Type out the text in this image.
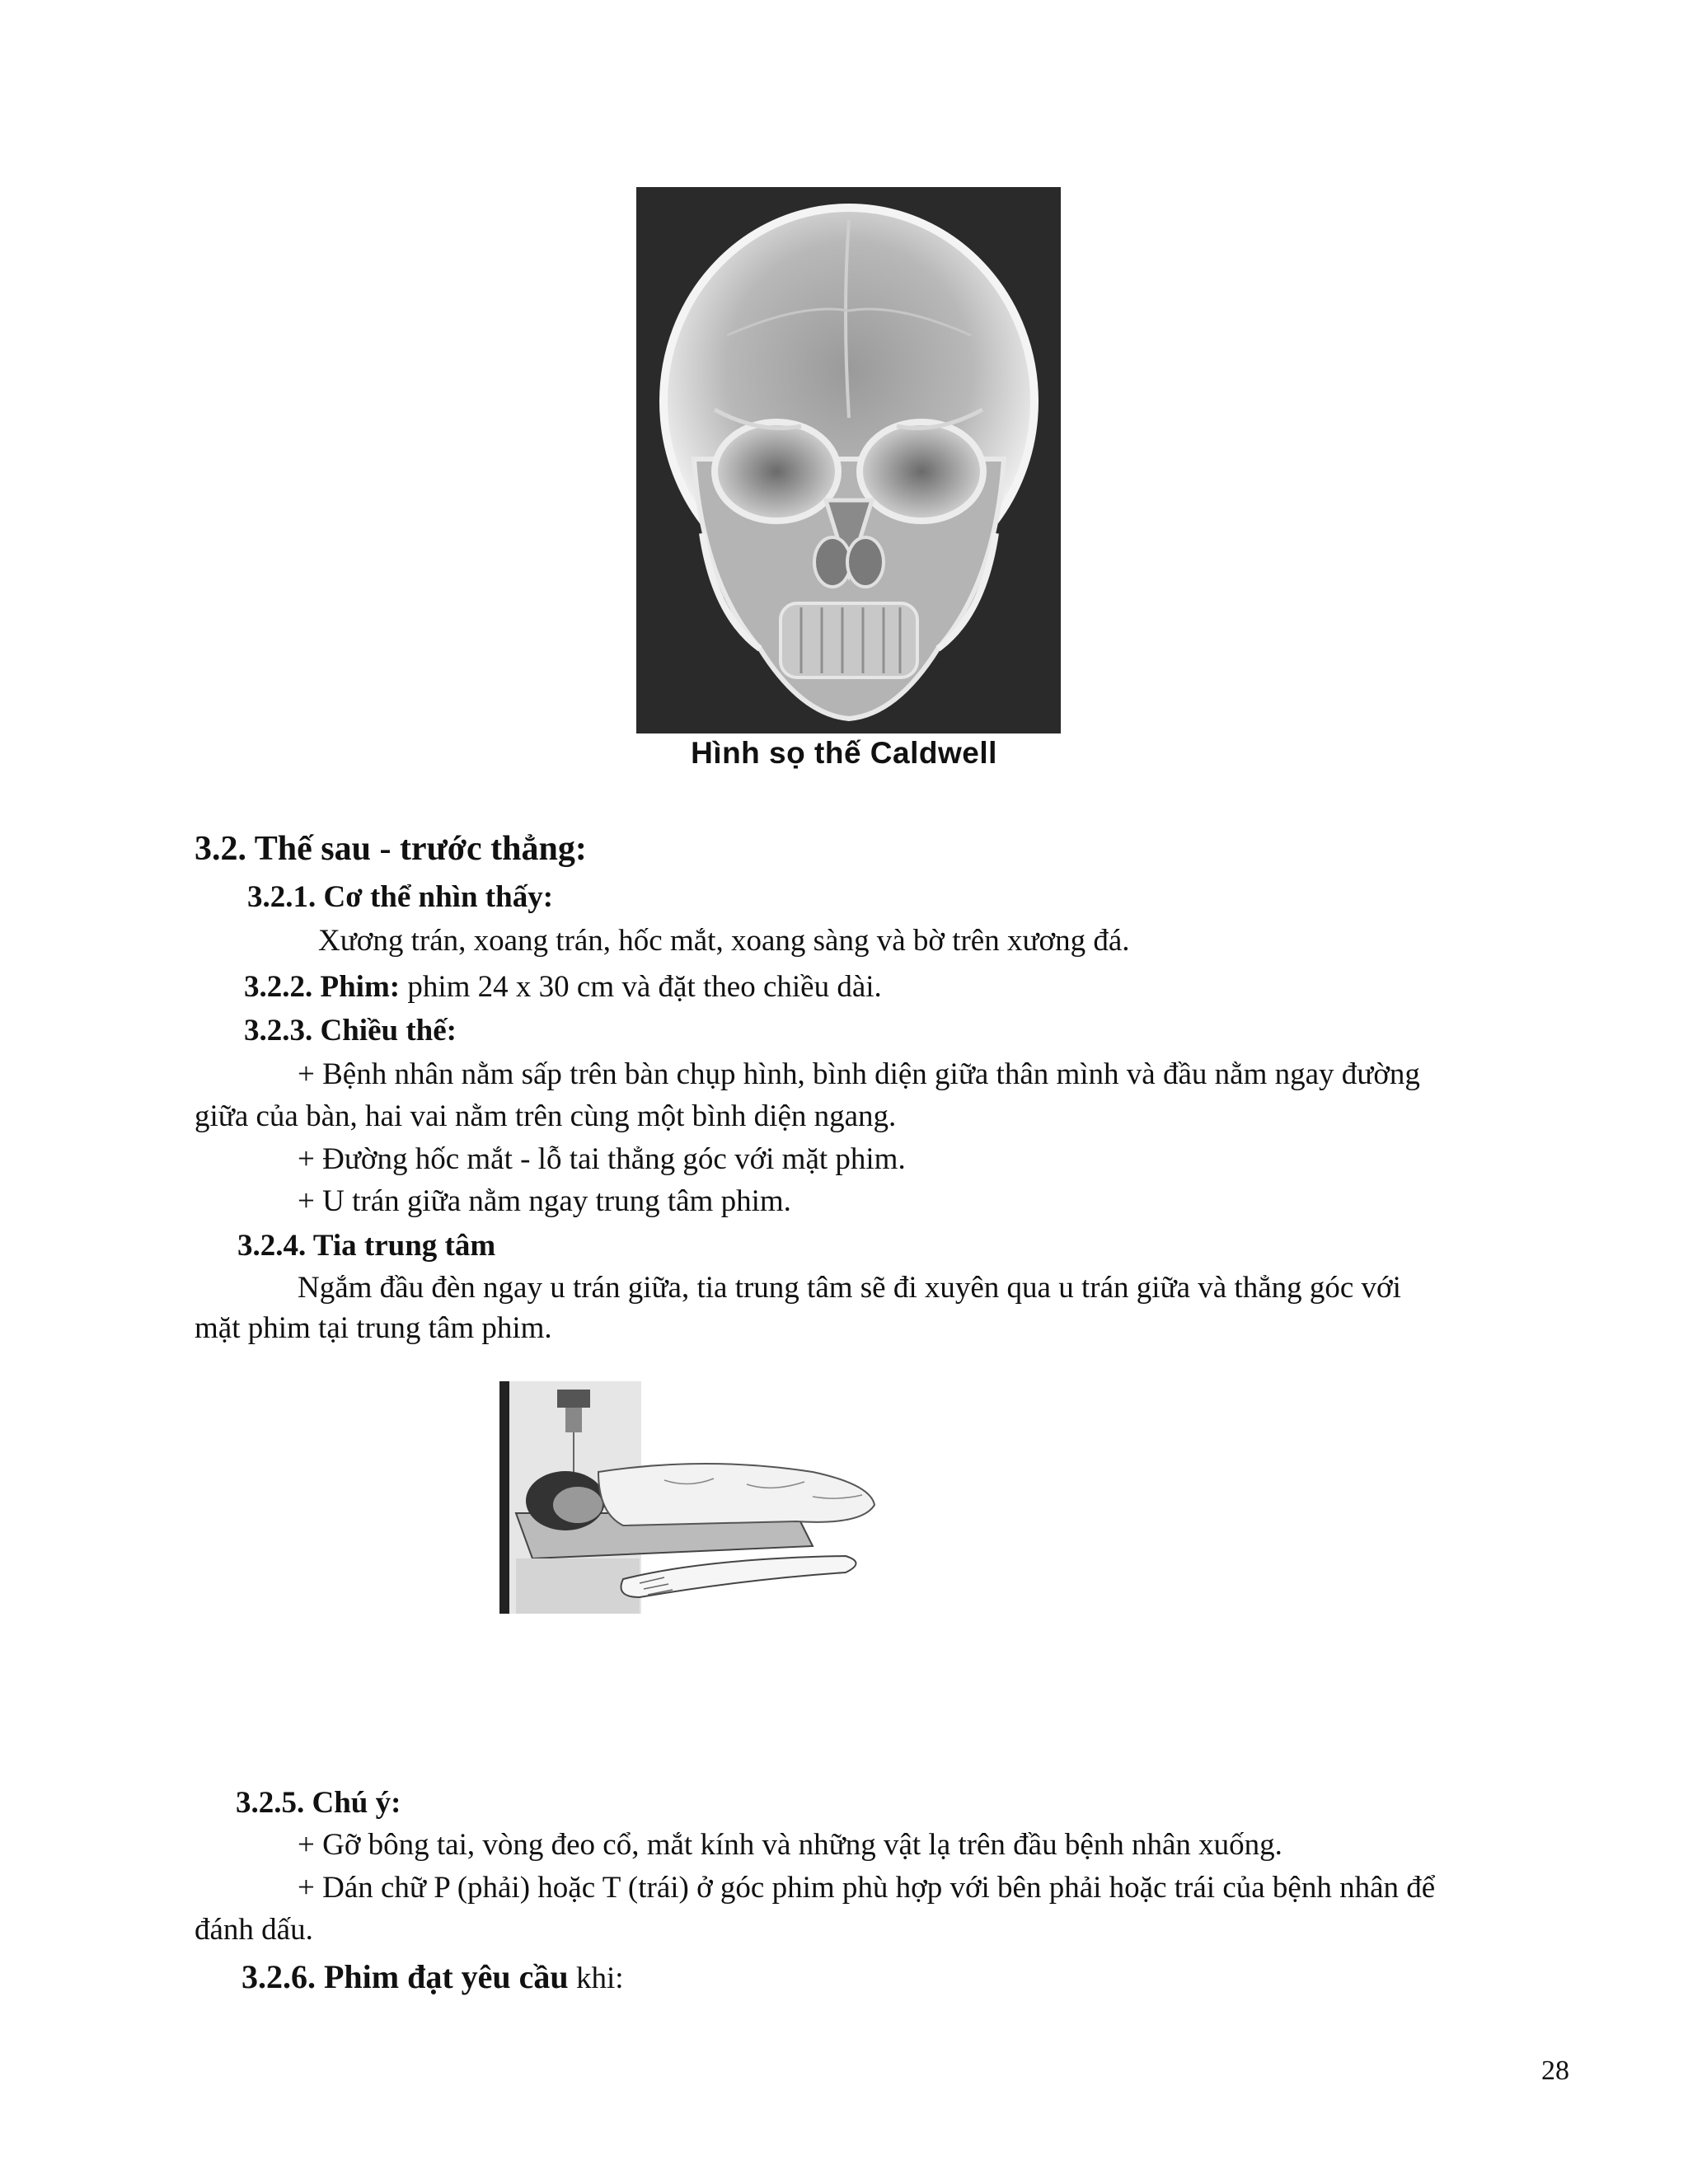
Hình sọ thế Caldwell
3.2. Thế sau - trước thẳng:
3.2.1. Cơ thể nhìn thấy:
Xương trán, xoang trán, hốc mắt, xoang sàng và bờ trên xương đá.
3.2.2. Phim: phim 24 x 30 cm và đặt theo chiều dài.
3.2.3. Chiều thế:
+ Bệnh nhân nằm sấp trên bàn chụp hình, bình diện giữa thân mình và đầu nằm ngay đường
giữa của bàn, hai vai nằm trên cùng một bình diện ngang.
+ Đường hốc mắt - lỗ tai thẳng góc với mặt phim.
+ U trán giữa nằm ngay trung tâm phim.
3.2.4. Tia trung tâm
Ngắm đầu đèn ngay u trán giữa, tia trung tâm sẽ đi xuyên qua u trán giữa và thẳng góc với
mặt phim tại trung tâm phim.
3.2.5. Chú ý:
+ Gỡ bông tai, vòng đeo cổ, mắt kính và những vật lạ trên đầu bệnh nhân xuống.
+ Dán chữ P (phải) hoặc T (trái) ở góc phim phù hợp với bên phải hoặc trái của bệnh nhân để
đánh dấu.
3.2.6. Phim đạt yêu cầu khi:
28
